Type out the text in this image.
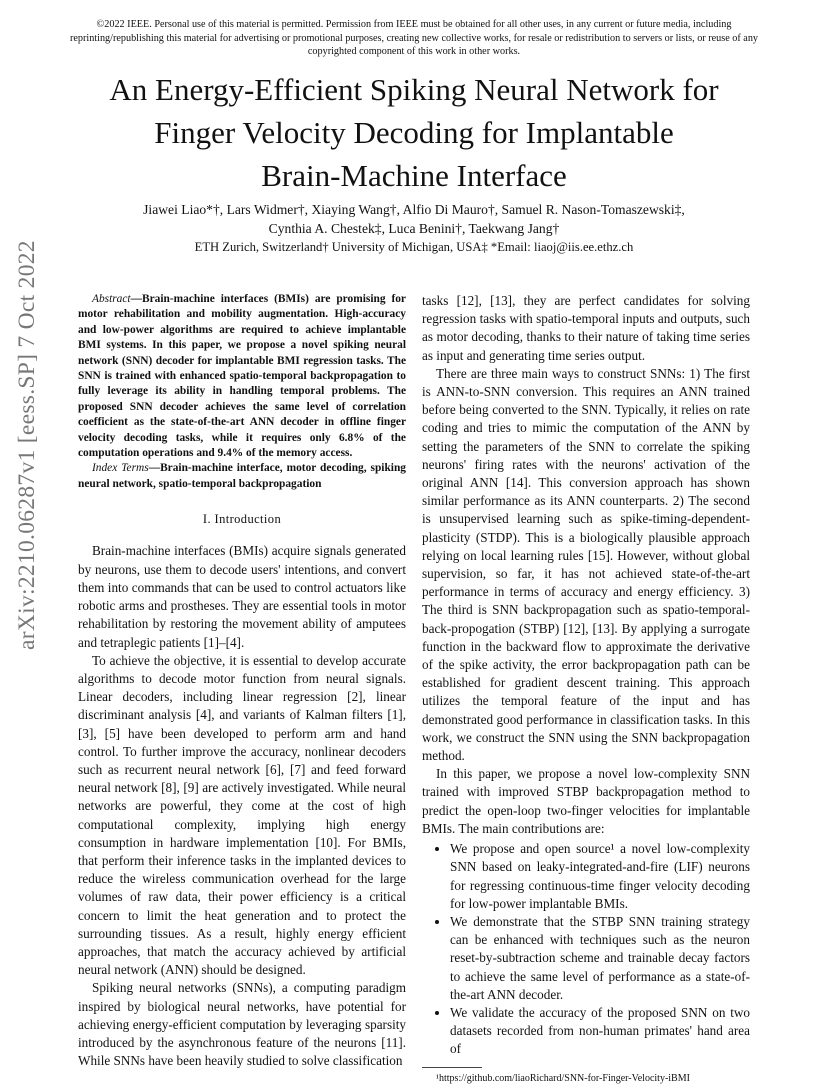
©2022 IEEE. Personal use of this material is permitted. Permission from IEEE must be obtained for all other uses, in any current or future media, including reprinting/republishing this material for advertising or promotional purposes, creating new collective works, for resale or redistribution to servers or lists, or reuse of any copyrighted component of this work in other works.
An Energy-Efficient Spiking Neural Network for
Finger Velocity Decoding for Implantable
Brain-Machine Interface
Jiawei Liao*†, Lars Widmer†, Xiaying Wang†, Alfio Di Mauro†, Samuel R. Nason-Tomaszewski‡,
Cynthia A. Chestek‡, Luca Benini†, Taekwang Jang†
ETH Zurich, Switzerland† University of Michigan, USA‡ *Email: liaoj@iis.ee.ethz.ch
arXiv:2210.06287v1 [eess.SP] 7 Oct 2022	Abstract—Brain-machine interfaces (BMIs) are promising for motor rehabilitation and mobility augmentation. High-accuracy and low-power algorithms are required to achieve implantable BMI systems. In this paper, we propose a novel spiking neural network (SNN) decoder for implantable BMI regression tasks. The SNN is trained with enhanced spatio-temporal backpropagation to fully leverage its ability in handling temporal problems. The proposed SNN decoder achieves the same level of correlation coefficient as the state-of-the-art ANN decoder in offline finger velocity decoding tasks, while it requires only 6.8% of the computation operations and 9.4% of the memory access.

Index Terms—Brain-machine interface, motor decoding, spiking neural network, spatio-temporal backpropagation

I. Introduction

Brain-machine interfaces (BMIs) acquire signals generated by neurons, use them to decode users' intentions, and convert them into commands that can be used to control actuators like robotic arms and prostheses. They are essential tools in motor rehabilitation by restoring the movement ability of amputees and tetraplegic patients [1]–[4].

To achieve the objective, it is essential to develop accurate algorithms to decode motor function from neural signals. Linear decoders, including linear regression [2], linear discriminant analysis [4], and variants of Kalman filters [1], [3], [5] have been developed to perform arm and hand control. To further improve the accuracy, nonlinear decoders such as recurrent neural network [6], [7] and feed forward neural network [8], [9] are actively investigated. While neural networks are powerful, they come at the cost of high computational complexity, implying high energy consumption in hardware implementation [10]. For BMIs, that perform their inference tasks in the implanted devices to reduce the wireless communication overhead for the large volumes of raw data, their power efficiency is a critical concern to limit the heat generation and to protect the surrounding tissues. As a result, highly energy efficient approaches, that match the accuracy achieved by artificial neural network (ANN) should be designed.

Spiking neural networks (SNNs), a computing paradigm inspired by biological neural networks, have potential for achieving energy-efficient computation by leveraging sparsity introduced by the asynchronous feature of the neurons [11]. While SNNs have been heavily studied to solve classification

tasks [12], [13], they are perfect candidates for solving regression tasks with spatio-temporal inputs and outputs, such as motor decoding, thanks to their nature of taking time series as input and generating time series output.

There are three main ways to construct SNNs: 1) The first is ANN-to-SNN conversion. This requires an ANN trained before being converted to the SNN. Typically, it relies on rate coding and tries to mimic the computation of the ANN by setting the parameters of the SNN to correlate the spiking neurons' firing rates with the neurons' activation of the original ANN [14]. This conversion approach has shown similar performance as its ANN counterparts. 2) The second is unsupervised learning such as spike-timing-dependent-plasticity (STDP). This is a biologically plausible approach relying on local learning rules [15]. However, without global supervision, so far, it has not achieved state-of-the-art performance in terms of accuracy and energy efficiency. 3) The third is SNN backpropagation such as spatio-temporal-back-propogation (STBP) [12], [13]. By applying a surrogate function in the backward flow to approximate the derivative of the spike activity, the error backpropagation path can be established for gradient descent training. This approach utilizes the temporal feature of the input and has demonstrated good performance in classification tasks. In this work, we construct the SNN using the SNN backpropagation method.

In this paper, we propose a novel low-complexity SNN trained with improved STBP backpropagation method to predict the open-loop two-finger velocities for implantable BMIs. The main contributions are:

• We propose and open source¹ a novel low-complexity SNN based on leaky-integrated-and-fire (LIF) neurons for regressing continuous-time finger velocity decoding for low-power implantable BMIs.
• We demonstrate that the STBP SNN training strategy can be enhanced with techniques such as the neuron reset-by-subtraction scheme and trainable decay factors to achieve the same level of performance as a state-of-the-art ANN decoder.
• We validate the accuracy of the proposed SNN on two datasets recorded from non-human primates' hand area of

¹https://github.com/liaoRichard/SNN-for-Finger-Velocity-iBMI
